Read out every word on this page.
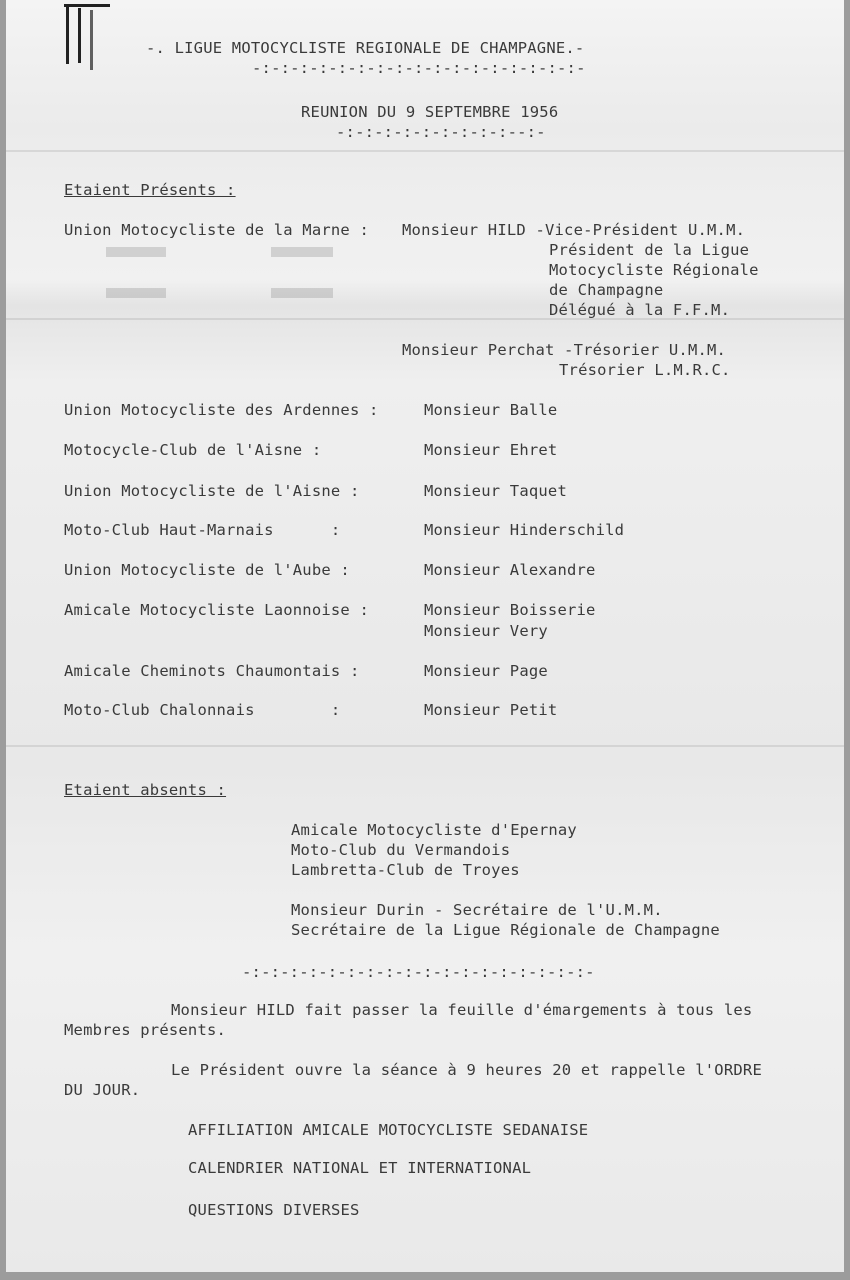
-. LIGUE MOTOCYCLISTE REGIONALE DE CHAMPAGNE.-
-:-:-:-:-:-:-:-:-:-:-:-:-:-:-:-:-:-
REUNION DU 9 SEPTEMBRE 1956
-:-:-:-:-:-:-:-:-:--:-
Etaient Présents :
Union Motocycliste de la Marne : Monsieur HILD -Vice-Président U.M.M.
Président de la Ligue
Motocycliste Régionale
de Champagne
Délégué à la F.F.M.
Monsieur Perchat -Trésorier U.M.M.
Trésorier L.M.R.C.
Union Motocycliste des Ardennes :	Monsieur Balle
Motocycle-Club de l'Aisne :	Monsieur Ehret
Union Motocycliste de l'Aisne :	Monsieur Taquet
Moto-Club Haut-Marnais      :	Monsieur Hinderschild
Union Motocycliste de l'Aube :	Monsieur Alexandre
Amicale Motocycliste Laonnoise :	Monsieur Boisserie
Monsieur Very
Amicale Cheminots Chaumontais :	Monsieur Page
Moto-Club Chalonnais        :	Monsieur Petit
Etaient absents :
Amicale Motocycliste d'Epernay
Moto-Club du Vermandois
Lambretta-Club de Troyes
Monsieur Durin - Secrétaire de l'U.M.M.
Secrétaire de la Ligue Régionale de Champagne
-:-:-:-:-:-:-:-:-:-:-:-:-:-:-:-:-:-:-
Monsieur HILD fait passer la feuille d'émargements à tous les
Membres présents.
Le Président ouvre la séance à 9 heures 20 et rappelle l'ORDRE
DU JOUR.
AFFILIATION AMICALE MOTOCYCLISTE SEDANAISE
CALENDRIER NATIONAL ET INTERNATIONAL
QUESTIONS DIVERSES
